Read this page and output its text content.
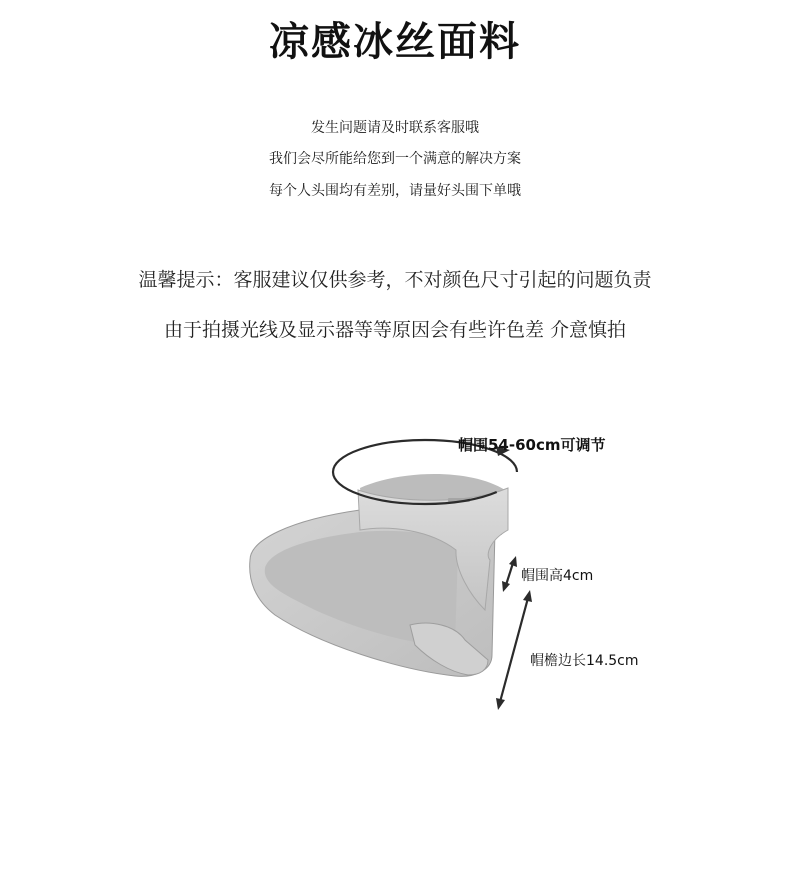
凉感冰丝面料
发生问题请及时联系客服哦
我们会尽所能给您到一个满意的解决方案
每个人头围均有差别，请量好头围下单哦
温馨提示：客服建议仅供参考，不对颜色尺寸引起的问题负责
由于拍摄光线及显示器等等原因会有些许色差 介意慎拍
帽围54-60cm可调节
帽围高4cm
帽檐边长14.5cm
